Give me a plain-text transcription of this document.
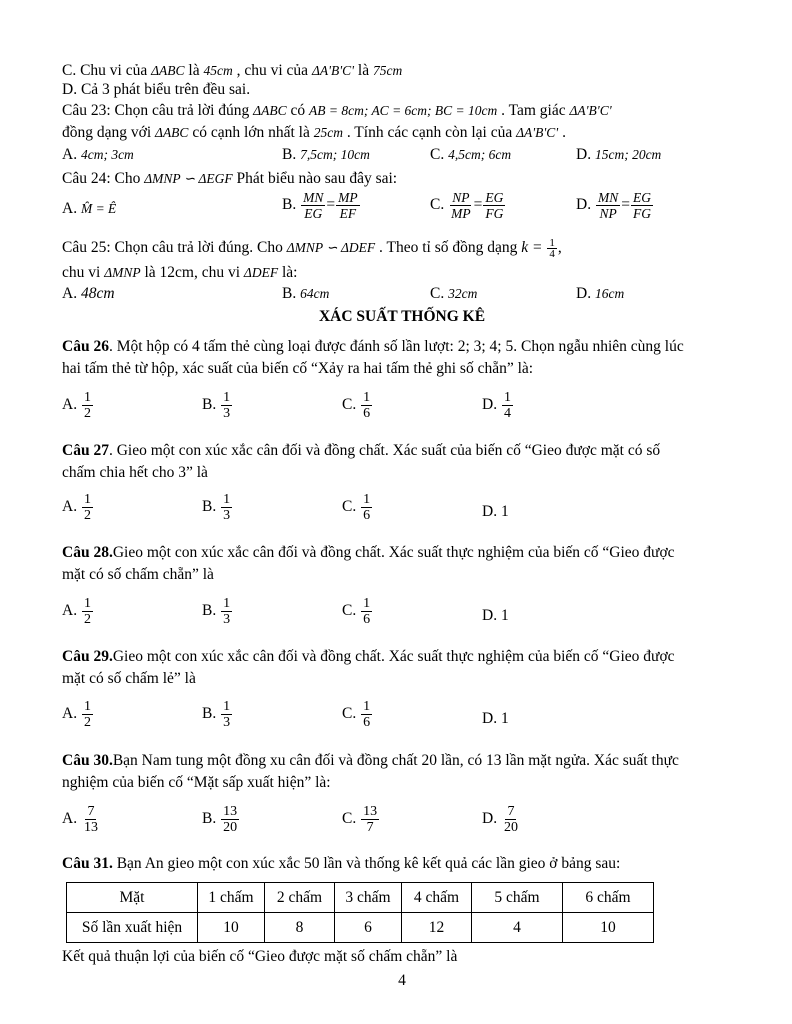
C. Chu vi của ΔABC là 45cm , chu vi của ΔA'B'C' là 75cm
D. Cả 3 phát biểu trên đều sai.
Câu 23: Chọn câu trả lời đúng ΔABC có AB = 8cm; AC = 6cm; BC = 10cm . Tam giác ΔA'B'C'
đồng dạng với ΔABC có cạnh lớn nhất là 25cm . Tính các cạnh còn lại của ΔA'B'C' .
A. 4cm; 3cm	B. 7,5cm; 10cm	C. 4,5cm; 6cm	D. 15cm; 20cm
Câu 24: Cho ΔMNP ∽ ΔEGF Phát biểu nào sau đây sai:
A. M̂ = Ê	B. $\frac{MN}{EG} = \frac{MP}{EF}$	C. $\frac{NP}{MP} = \frac{EG}{FG}$	D. $\frac{MN}{NP} = \frac{EG}{FG}$
Câu 25: Chọn câu trả lời đúng. Cho ΔMNP ∽ ΔDEF . Theo tỉ số đồng dạng $k = \frac{1}{4}$ ,
chu vi ΔMNP là 12cm, chu vi ΔDEF là:
A. 48cm	B. 64cm	C. 32cm	D. 16cm
XÁC SUẤT THỐNG KÊ
Câu 26. Một hộp có 4 tấm thẻ cùng loại được đánh số lần lượt: 2; 3; 4; 5. Chọn ngẫu nhiên cùng lúc
hai tấm thẻ từ hộp, xác suất của biến cố “Xảy ra hai tấm thẻ ghi số chẵn” là:
A. $\frac{1}{2}$	B. $\frac{1}{3}$	C. $\frac{1}{6}$	D. $\frac{1}{4}$
Câu 27. Gieo một con xúc xắc cân đối và đồng chất. Xác suất của biến cố “Gieo được mặt có số
chấm chia hết cho 3” là
A. $\frac{1}{2}$	B. $\frac{1}{3}$	C. $\frac{1}{6}$	D. 1
Câu 28.Gieo một con xúc xắc cân đối và đồng chất. Xác suất thực nghiệm của biến cố “Gieo được
mặt có số chấm chẵn” là
A. $\frac{1}{2}$	B. $\frac{1}{3}$	C. $\frac{1}{6}$	D. 1
Câu 29.Gieo một con xúc xắc cân đối và đồng chất. Xác suất thực nghiệm của biến cố “Gieo được
mặt có số chấm lẻ” là
A. $\frac{1}{2}$	B. $\frac{1}{3}$	C. $\frac{1}{6}$	D. 1
Câu 30.Bạn Nam tung một đồng xu cân đối và đồng chất 20 lần, có 13 lần mặt ngửa. Xác suất thực
nghiệm của biến cố “Mặt sấp xuất hiện” là:
A. $\frac{7}{13}$	B. $\frac{13}{20}$	C. $\frac{13}{7}$	D. $\frac{7}{20}$
Câu 31. Bạn An gieo một con xúc xắc 50 lần và thống kê kết quả các lần gieo ở bảng sau:
Mặt	1 chấm	2 chấm	3 chấm	4 chấm	5 chấm	6 chấm
Số lần xuất hiện	10	8	6	12	4	10
Kết quả thuận lợi của biến cố “Gieo được mặt số chấm chẵn” là
4
